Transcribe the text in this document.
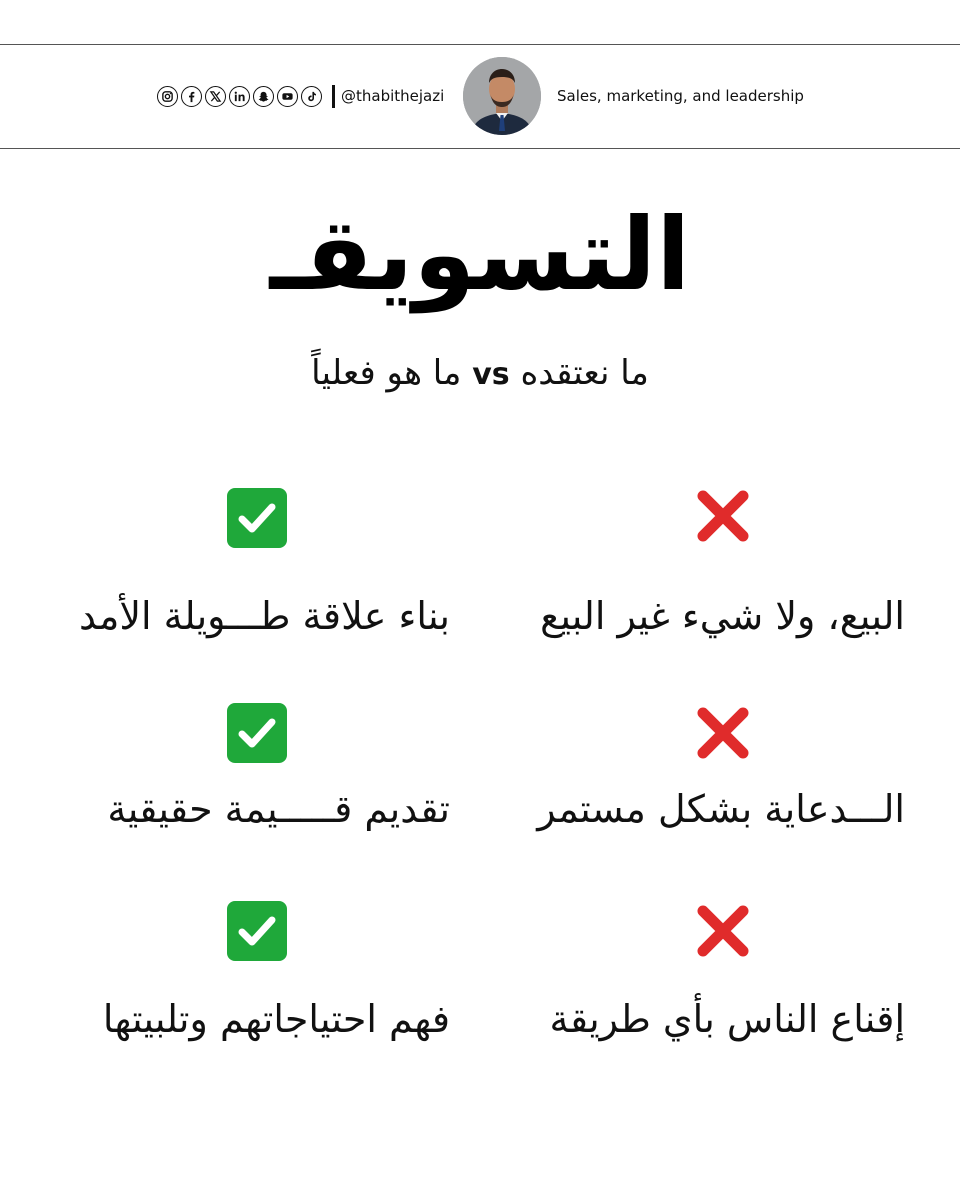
@thabithejazi	Sales, marketing, and leadership
التسويقـ
ما نعتقده vs ما هو فعلياً
البيع، ولا شيء غير البيع
بناء علاقة طـــويلة الأمد
الـــدعاية بشكل مستمر
تقديم قـــــيمة حقيقية
إقناع الناس بأي طريقة
فهم احتياجاتهم وتلبيتها
